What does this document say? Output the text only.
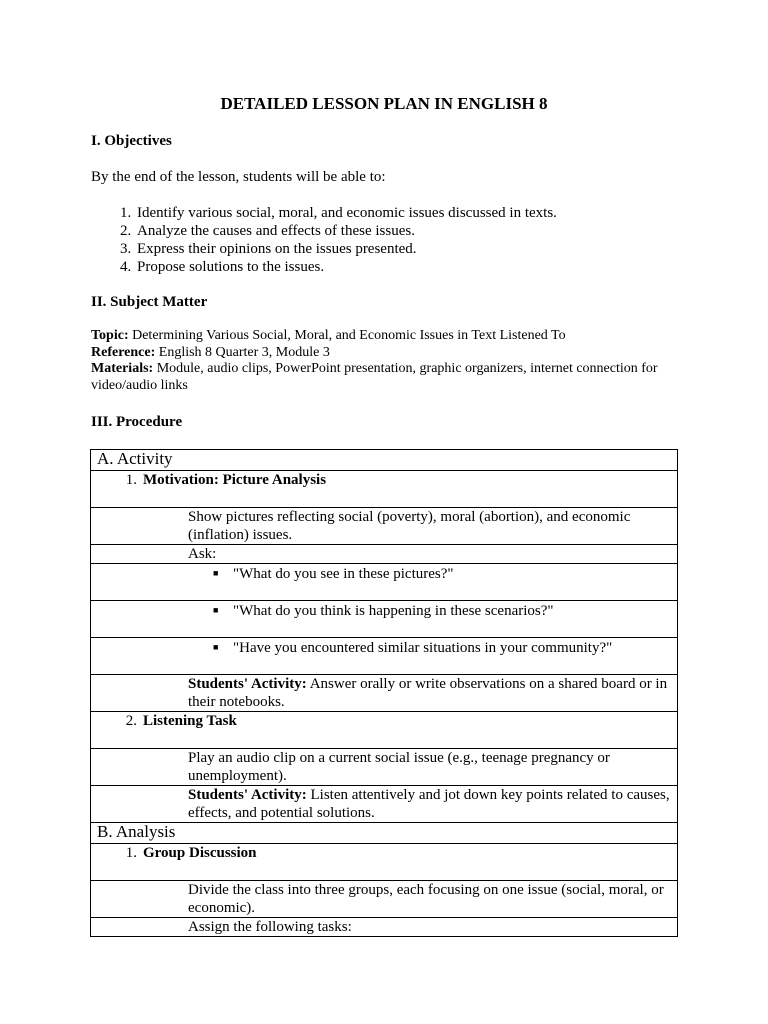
DETAILED LESSON PLAN IN ENGLISH 8
I. Objectives
By the end of the lesson, students will be able to:
1. Identify various social, moral, and economic issues discussed in texts.
2. Analyze the causes and effects of these issues.
3. Express their opinions on the issues presented.
4. Propose solutions to the issues.
II. Subject Matter
Topic: Determining Various Social, Moral, and Economic Issues in Text Listened To
Reference: English 8 Quarter 3, Module 3
Materials: Module, audio clips, PowerPoint presentation, graphic organizers, internet connection for
video/audio links
III. Procedure
A. Activity
1. Motivation: Picture Analysis
Show pictures reflecting social (poverty), moral (abortion), and economic (inflation) issues.
Ask:
■ "What do you see in these pictures?"
■ "What do you think is happening in these scenarios?"
■ "Have you encountered similar situations in your community?"
Students' Activity: Answer orally or write observations on a shared board or in their notebooks.
2. Listening Task
Play an audio clip on a current social issue (e.g., teenage pregnancy or unemployment).
Students' Activity: Listen attentively and jot down key points related to causes, effects, and potential solutions.
B. Analysis
1. Group Discussion
Divide the class into three groups, each focusing on one issue (social, moral, or economic).
Assign the following tasks:
